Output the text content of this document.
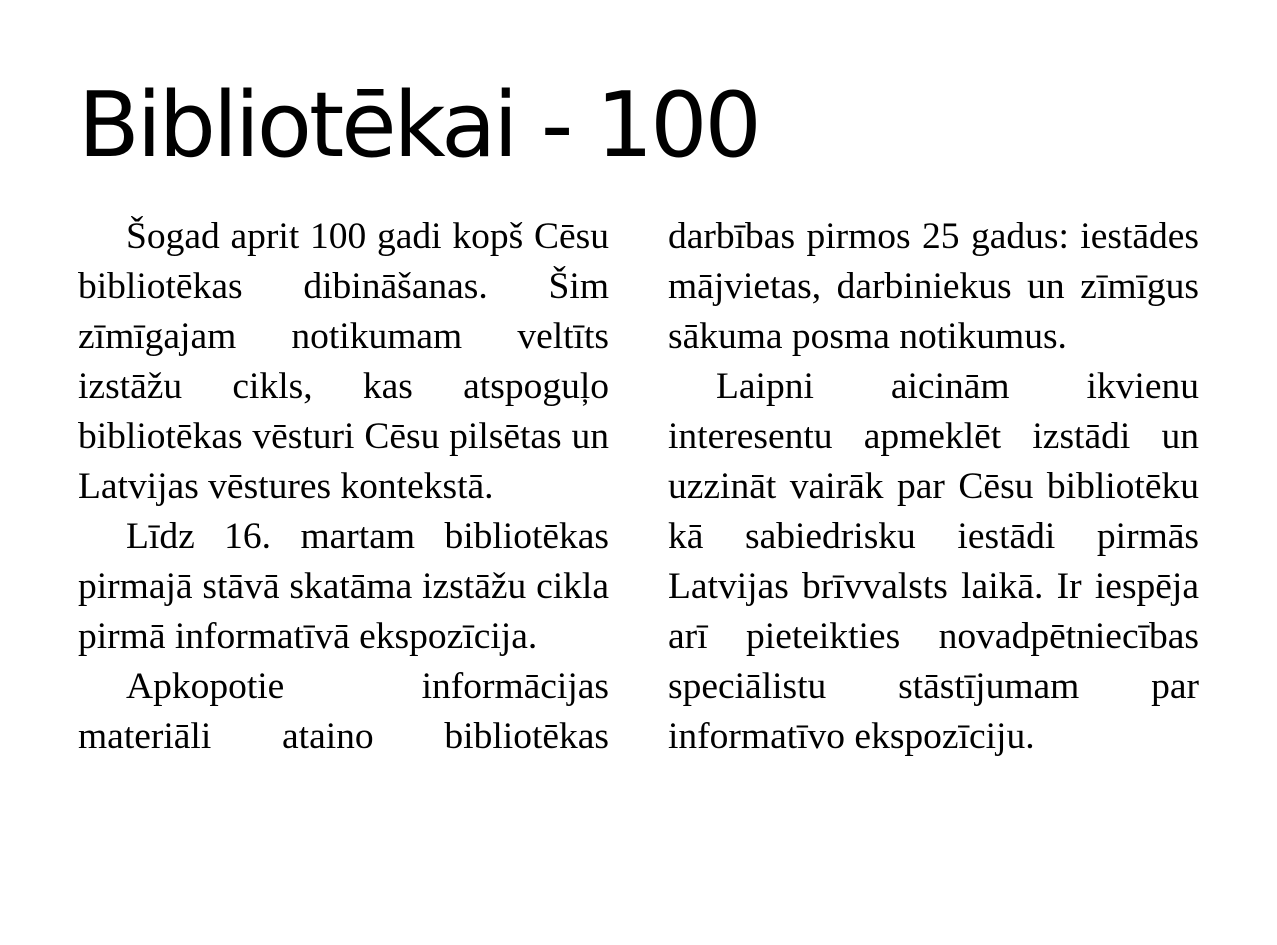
Bibliotēkai - 100

Šogad aprit 100 gadi kopš Cēsu bibliotēkas dibināšanas. Šim zīmīgajam notikumam veltīts izstāžu cikls, kas atspoguļo bibliotēkas vēsturi Cēsu pilsētas un Latvijas vēstures kontekstā.

Līdz 16. martam bibliotēkas pirmajā stāvā skatāma izstāžu cikla pirmā informatīvā ekspozīcija.

Apkopotie informācijas materiāli ataino bibliotēkas

darbības pirmos 25 gadus: iestādes mājvietas, darbiniekus un zīmīgus sākuma posma notikumus.

Laipni aicinām ikvienu interesentu apmeklēt izstādi un uzzināt vairāk par Cēsu bibliotēku kā sabiedrisku iestādi pirmās Latvijas brīvvalsts laikā. Ir iespēja arī pieteikties novadpētniecības speciālistu stāstījumam par informatīvo ekspozīciju.
